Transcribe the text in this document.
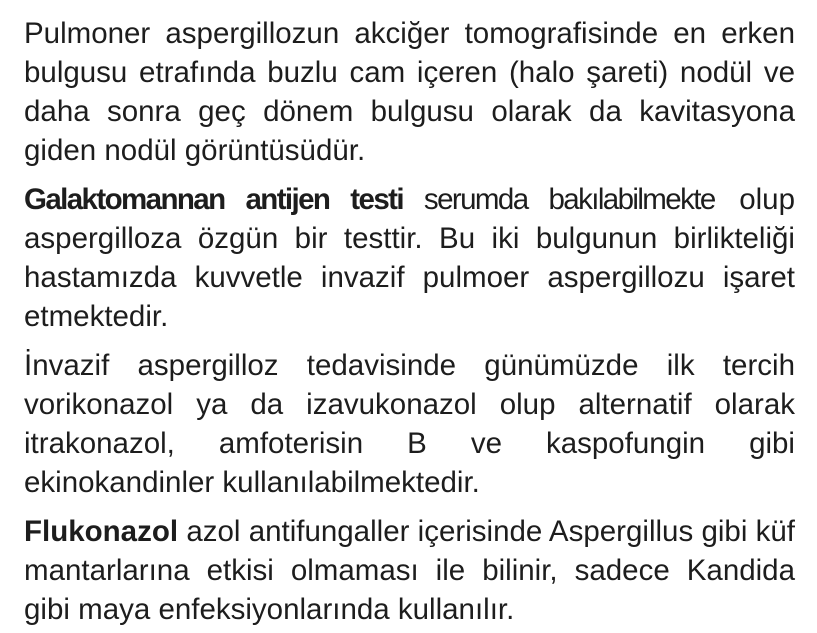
Pulmoner aspergillozun akciğer tomografisinde en erken bulgusu etrafında buzlu cam içeren (halo şareti) nodül ve daha sonra geç dönem bulgusu olarak da kavitasyona giden nodül görüntüsüdür.

Galaktomannan antijen testi serumda bakılabilmekte olup aspergilloza özgün bir testtir. Bu iki bulgunun birlikteliği hastamızda kuvvetle invazif pulmoer aspergillozu işaret etmektedir.

İnvazif aspergilloz tedavisinde günümüzde ilk tercih vorikonazol ya da izavukonazol olup alternatif olarak itrakonazol, amfoterisin B ve kaspofungin gibi ekinokandinler kullanılabilmektedir.

Flukonazol azol antifungaller içerisinde Aspergillus gibi küf mantarlarına etkisi olmaması ile bilinir, sadece Kandida gibi maya enfeksiyonlarında kullanılır.
